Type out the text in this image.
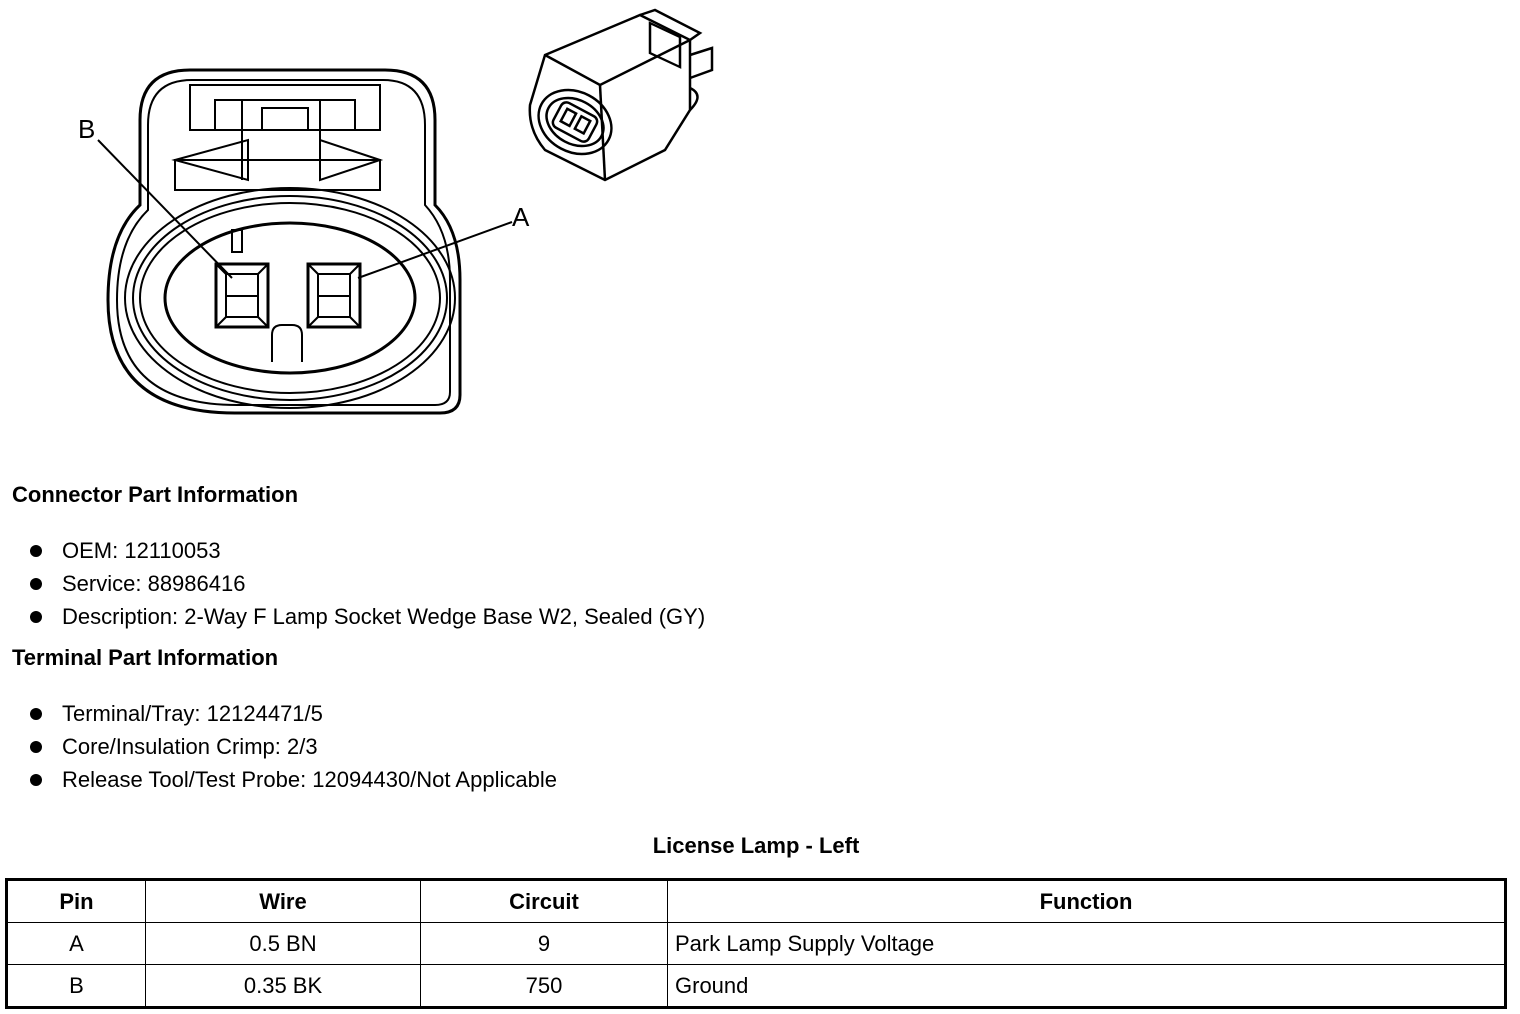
B
A
Connector Part Information
OEM: 12110053
Service: 88986416
Description: 2-Way F Lamp Socket Wedge Base W2, Sealed (GY)
Terminal Part Information
Terminal/Tray: 12124471/5
Core/Insulation Crimp: 2/3
Release Tool/Test Probe: 12094430/Not Applicable
License Lamp - Left
Pin	Wire	Circuit	Function
A	0.5 BN	9	Park Lamp Supply Voltage
B	0.35 BK	750	Ground
